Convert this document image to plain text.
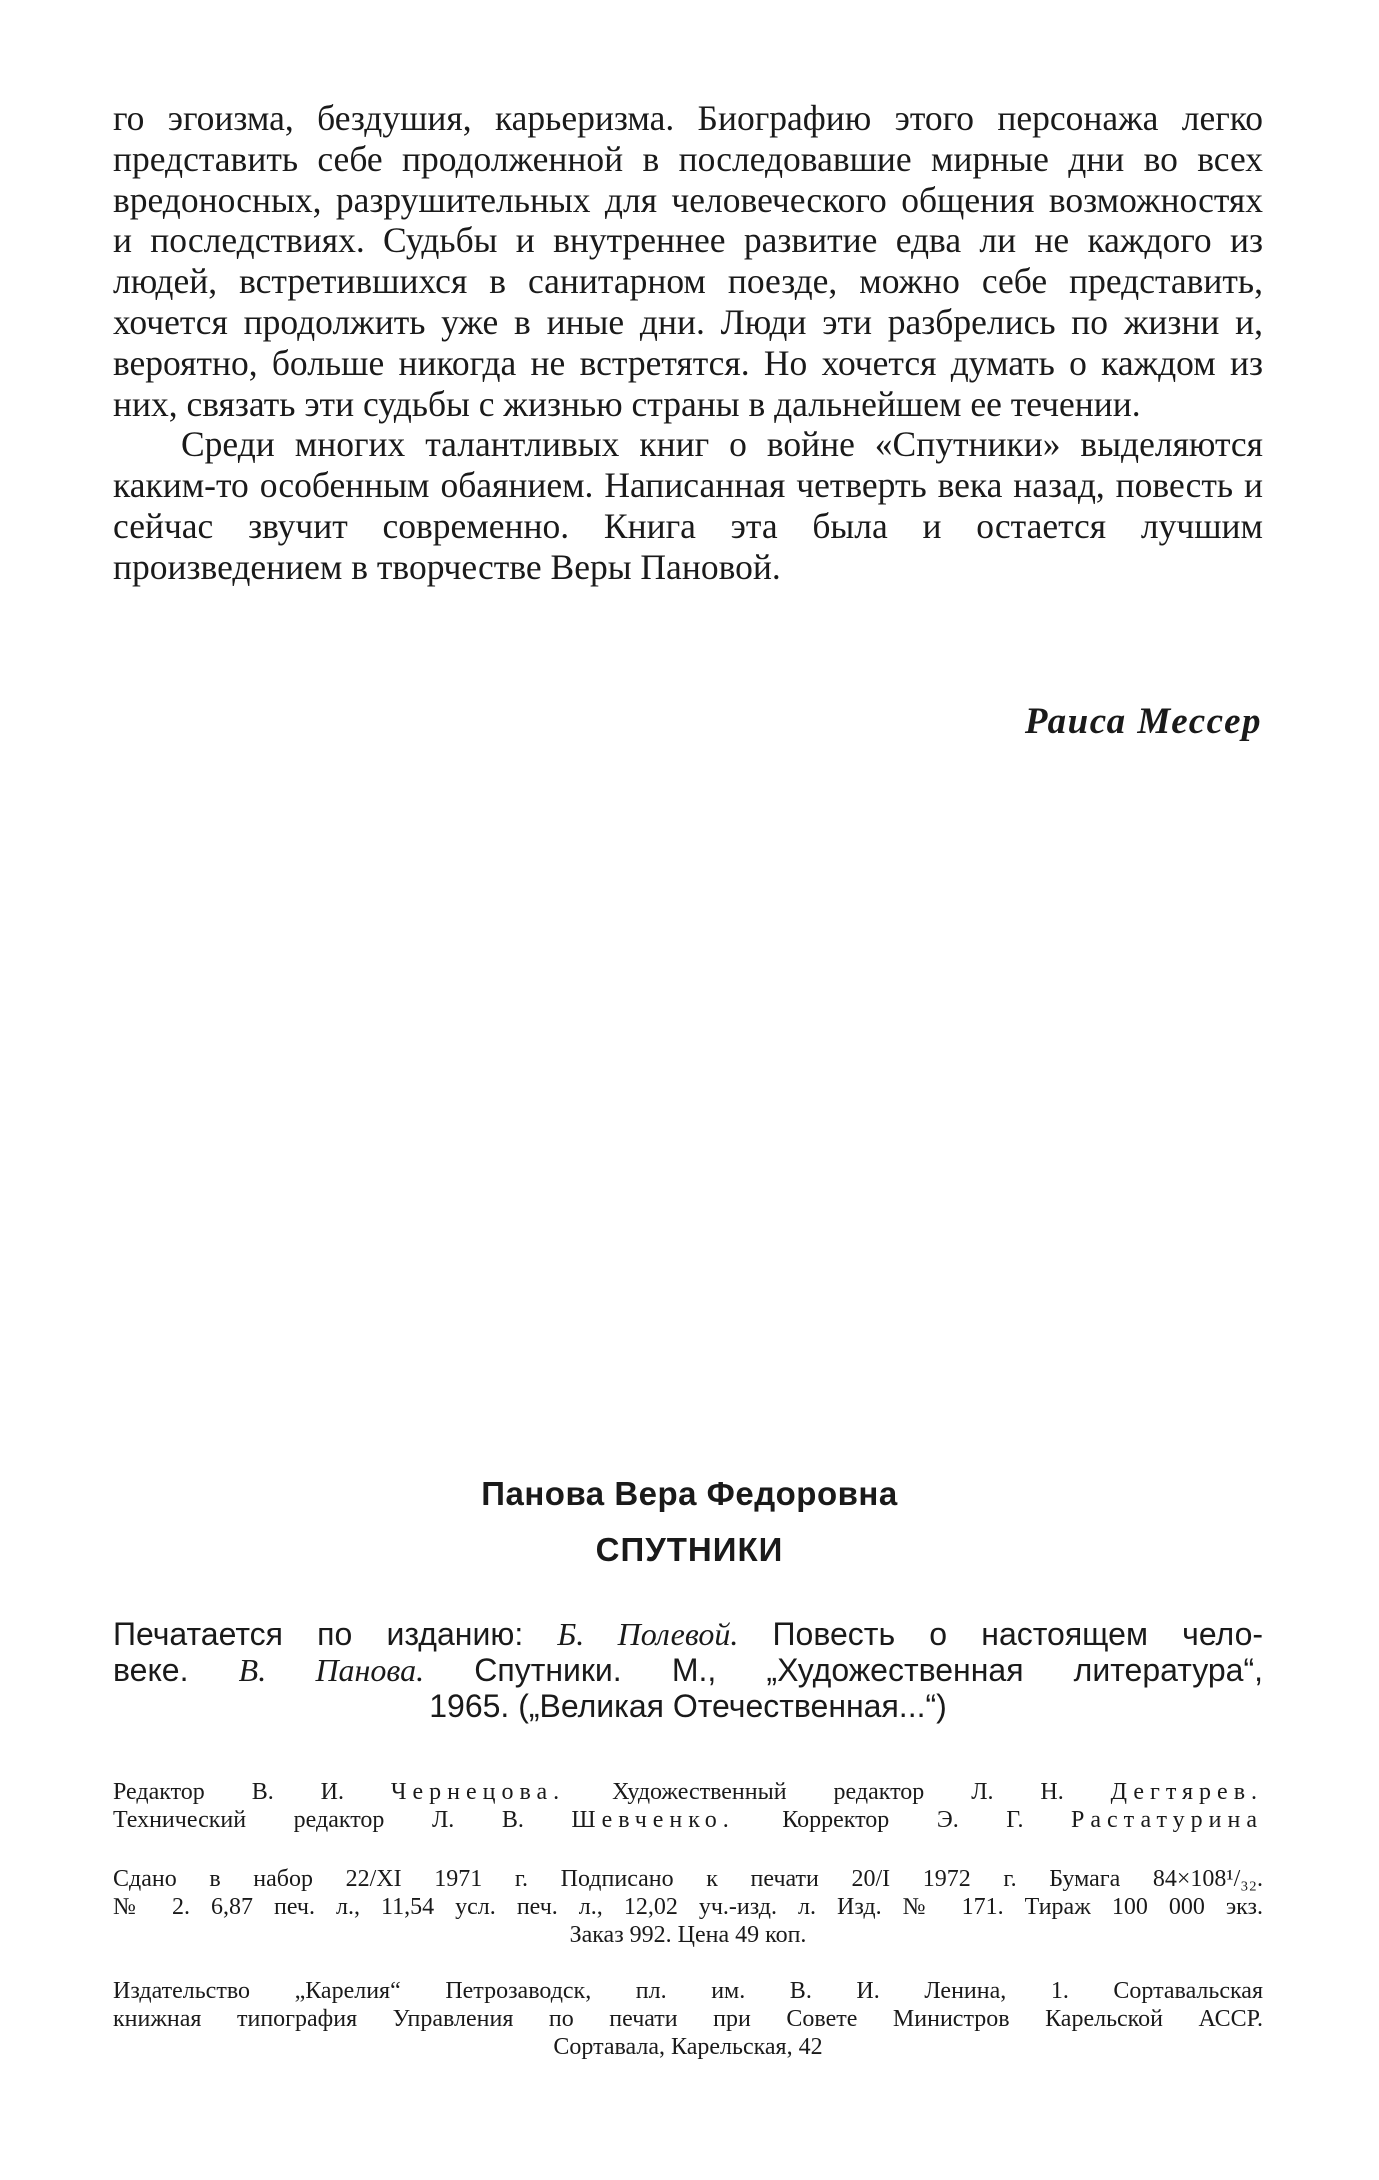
го эгоизма, бездушия, карьеризма. Биографию этого персонажа легко представить себе продолженной в последовавшие мирные дни во всех вредоносных, разрушительных для человеческого общения возможностях и последствиях. Судьбы и внутреннее развитие едва ли не каждого из людей, встретившихся в санитарном поезде, можно себе представить, хочется продолжить уже в иные дни. Люди эти разбрелись по жизни и, вероятно, больше никогда не встретятся. Но хочется думать о каждом из них, связать эти судьбы с жизнью страны в дальнейшем ее течении.

Среди многих талантливых книг о войне «Спутники» выделяются каким-то особенным обаянием. Написанная четверть века назад, повесть и сейчас звучит современно. Книга эта была и остается лучшим произведением в творчестве Веры Пановой.

Раиса Мессер
Панова Вера Федоровна
СПУТНИКИ
Печатается по изданию: Б. Полевой. Повесть о настоящем чело-
веке. В. Панова. Спутники. М., „Художественная литература“,
1965. („Великая Отечественная...“)
Редактор В. И. Чернецова. Художественный редактор Л. Н. Дегтярев.
Технический редактор Л. В. Шевченко. Корректор Э. Г. Растатурина
Сдано в набор 22/XI 1971 г. Подписано к печати 20/I 1972 г. Бумага 84×108¹/₃₂.
№ 2. 6,87 печ. л., 11,54 усл. печ. л., 12,02 уч.-изд. л. Изд. № 171. Тираж 100 000 экз.
Заказ 992. Цена 49 коп.
Издательство „Карелия“ Петрозаводск, пл. им. В. И. Ленина, 1. Сортавальская
книжная типография Управления по печати при Совете Министров Карельской АССР.
Сортавала, Карельская, 42
